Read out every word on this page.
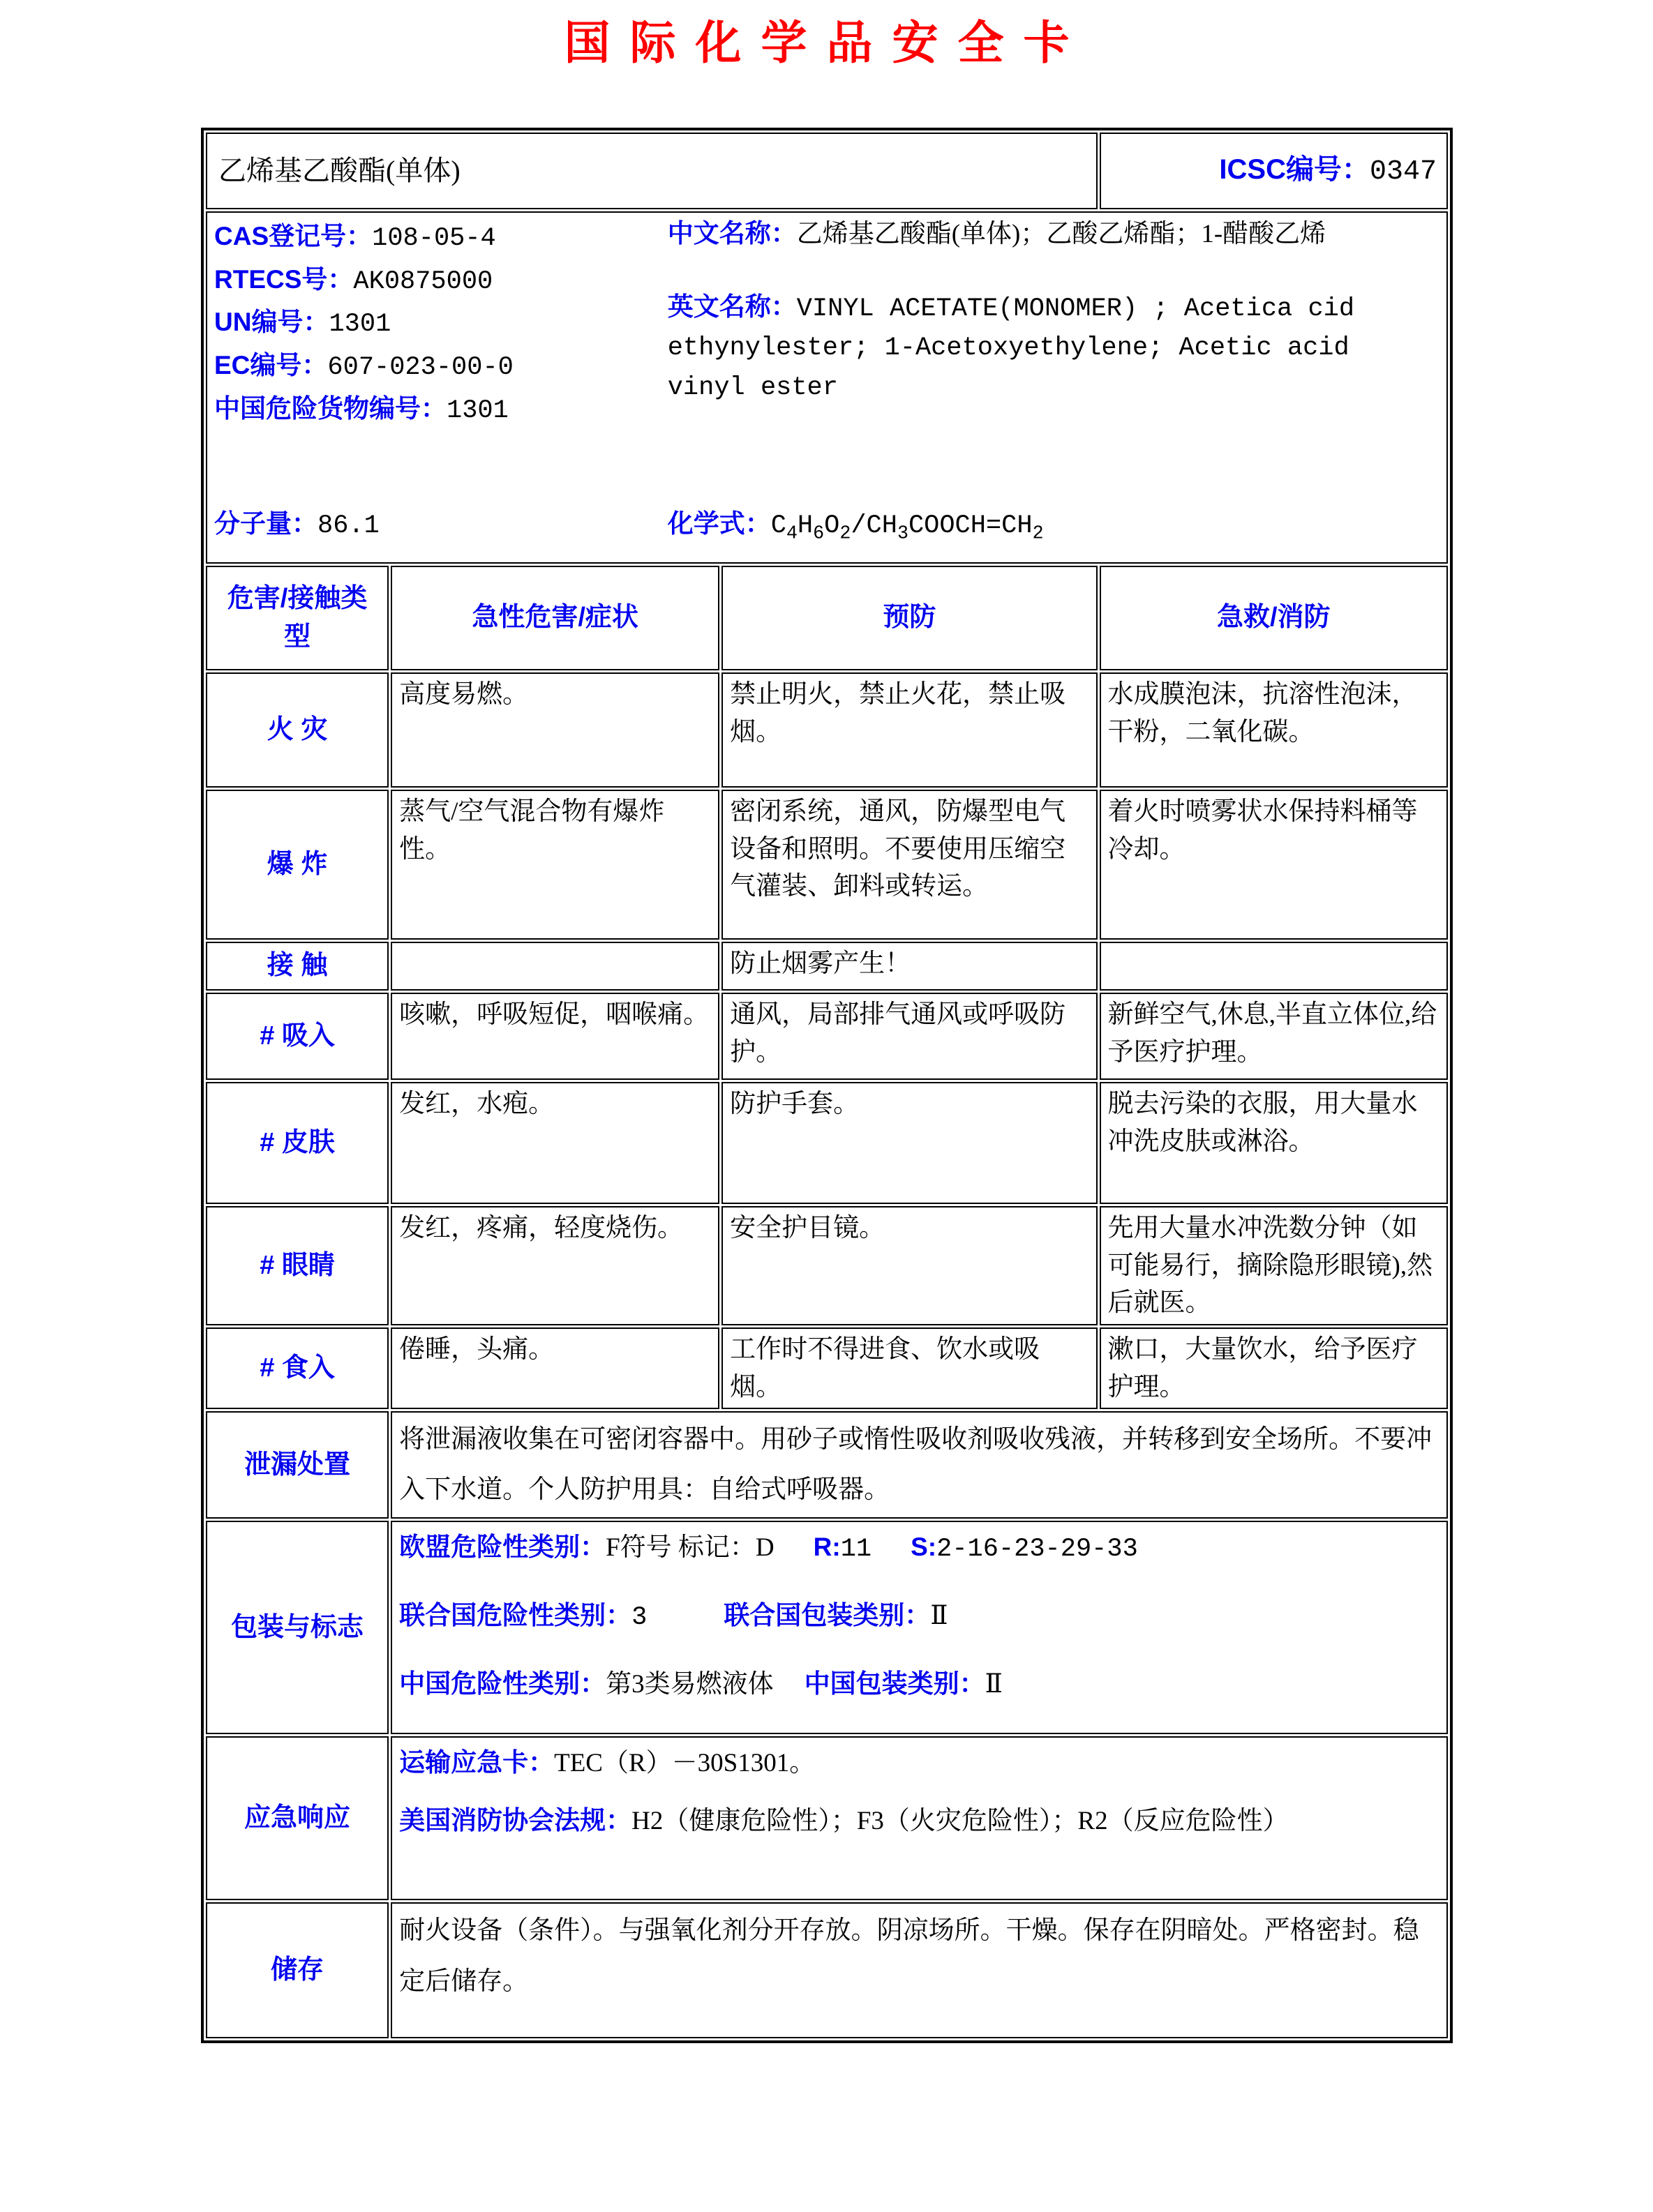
国际化学品安全卡
乙烯基乙酸酯(单体)			ICSC编号：0347

CAS登记号：108-05-4
RTECS号：AK0875000
UN编号：1301
EC编号：607-023-00-0
中国危险货物编号：1301

中文名称：乙烯基乙酸酯(单体)；乙酸乙烯酯；1-醋酸乙烯

英文名称：VINYL ACETATE(MONOMER) ; Acetica cid ethynylester; 1-Acetoxyethylene; Acetic acid vinyl ester

分子量：86.1	化学式：$C_4H_6O_2/CH_3COOCH=CH_2$

危害/接触类型	急性危害/症状	预防	急救/消防
火 灾	高度易燃。	禁止明火，禁止火花，禁止吸烟。	水成膜泡沫，抗溶性泡沫，干粉，二氧化碳。
爆 炸	蒸气/空气混合物有爆炸性。	密闭系统，通风，防爆型电气设备和照明。不要使用压缩空气灌装、卸料或转运。	着火时喷雾状水保持料桶等冷却。
接 触		防止烟雾产生！	
# 吸入	咳嗽，呼吸短促，咽喉痛。	通风，局部排气通风或呼吸防护。	新鲜空气,休息,半直立体位,给予医疗护理。
# 皮肤	发红，水疱。	防护手套。	脱去污染的衣服，用大量水冲洗皮肤或淋浴。
# 眼睛	发红，疼痛，轻度烧伤。	安全护目镜。	先用大量水冲洗数分钟（如可能易行，摘除隐形眼镜),然后就医。
# 食入	倦睡，头痛。	工作时不得进食、饮水或吸烟。	漱口，大量饮水，给予医疗护理。
泄漏处置	将泄漏液收集在可密闭容器中。用砂子或惰性吸收剂吸收残液，并转移到安全场所。不要冲入下水道。个人防护用具：自给式呼吸器。		
包装与标志	欧盟危险性类别：F符号 标记：D R:11 S:2-16-23-29-33
联合国危险性类别：3 联合国包装类别：Ⅱ
中国危险性类别：第3类易燃液体 中国包装类别：Ⅱ		

应急响应	运输应急卡：TEC（R）－30S1301。
美国消防协会法规：H2（健康危险性）；F3（火灾危险性）；R2（反应危险性）		

储存	耐火设备（条件）。与强氧化剂分开存放。阴凉场所。干燥。保存在阴暗处。严格密封。稳定后储存。		
